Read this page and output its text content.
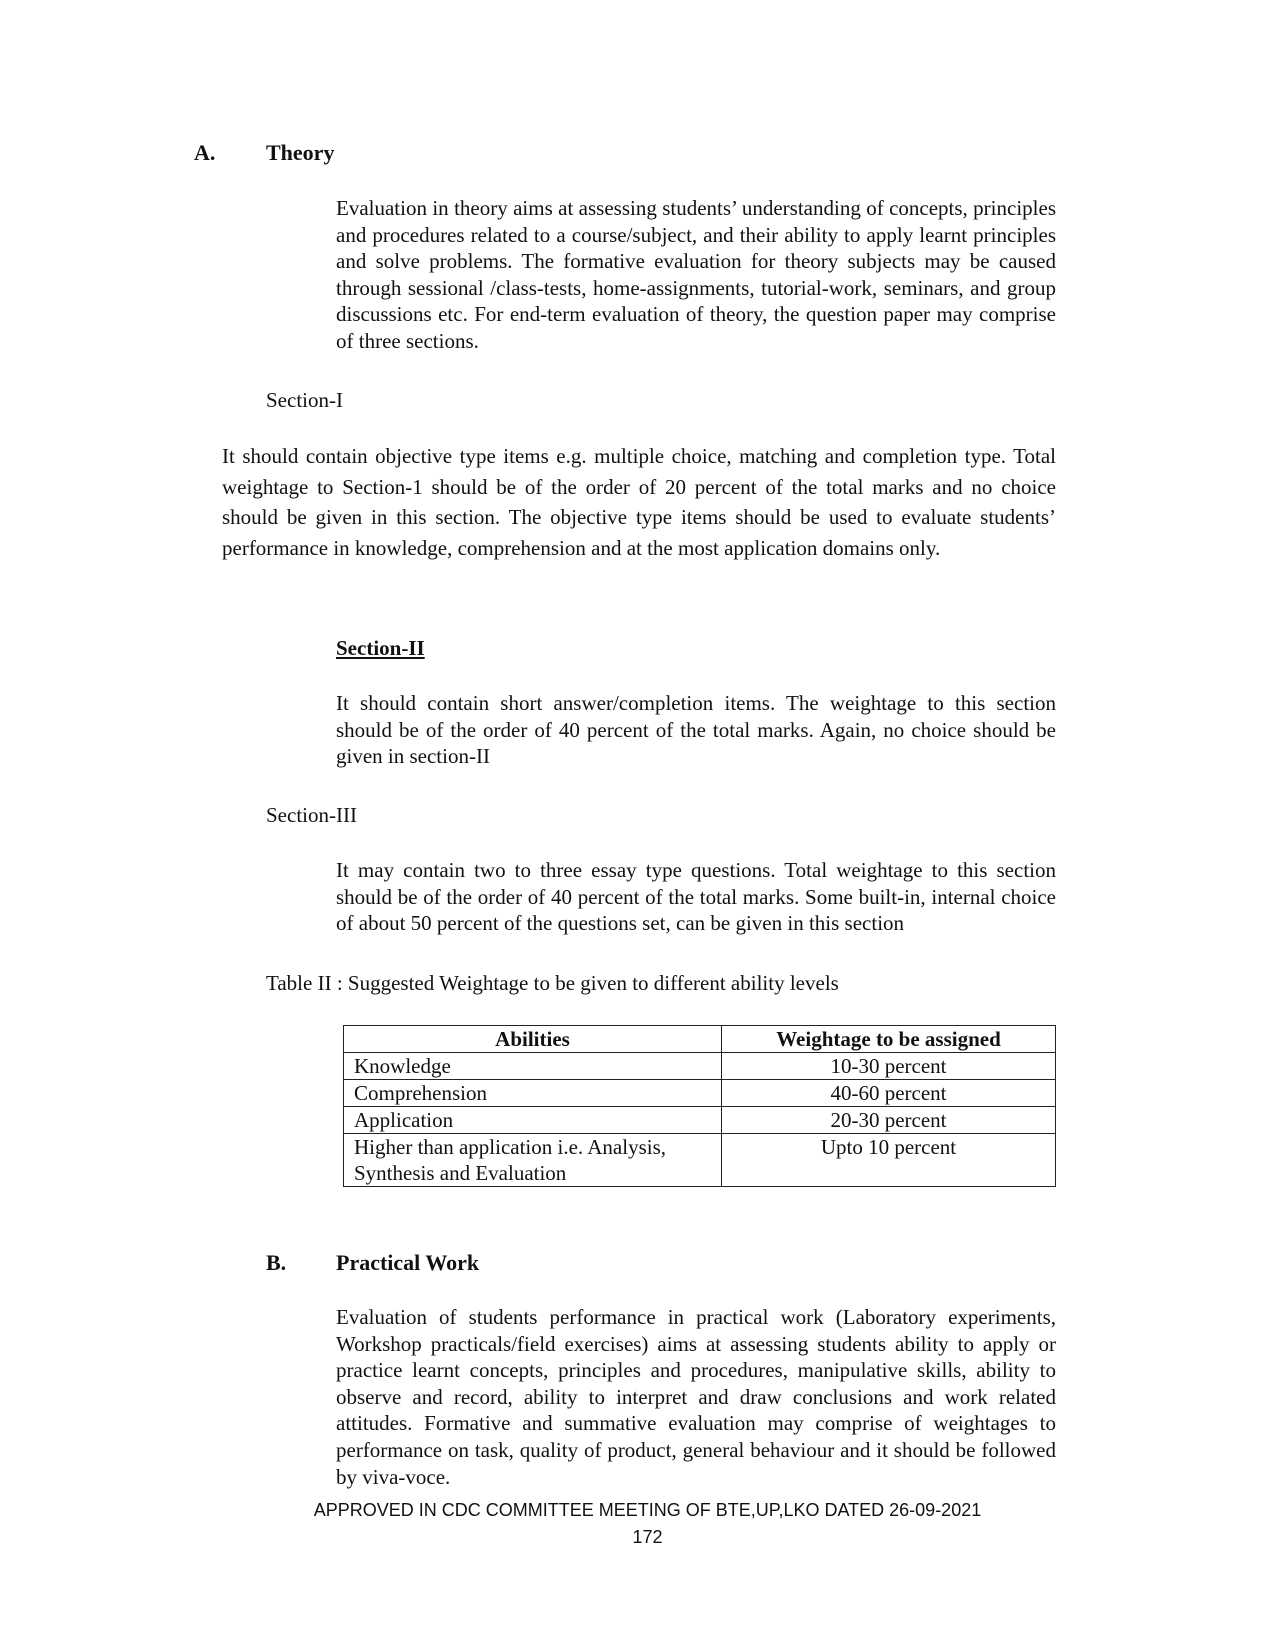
A. Theory
Evaluation in theory aims at assessing students’ understanding of concepts, principles and procedures related to a course/subject, and their ability to apply learnt principles and solve problems. The formative evaluation for theory subjects may be caused through sessional /class-tests, home-assignments, tutorial-work, seminars, and group discussions etc. For end-term evaluation of theory, the question paper may comprise of three sections.
Section-I
It should contain objective type items e.g. multiple choice, matching and completion type. Total weightage to Section-1 should be of the order of 20 percent of the total marks and no choice should be given in this section. The objective type items should be used to evaluate students’ performance in knowledge, comprehension and at the most application domains only.
Section-II
It should contain short answer/completion items. The weightage to this section should be of the order of 40 percent of the total marks. Again, no choice should be given in section-II
Section-III
It may contain two to three essay type questions. Total weightage to this section should be of the order of 40 percent of the total marks. Some built-in, internal choice of about 50 percent of the questions set, can be given in this section
Table II : Suggested Weightage to be given to different ability levels
Abilities	Weightage to be assigned
Knowledge	10-30 percent
Comprehension	40-60 percent
Application	20-30 percent
Higher than application i.e. Analysis, Synthesis and Evaluation	Upto 10 percent
B. Practical Work
Evaluation of students performance in practical work (Laboratory experiments, Workshop practicals/field exercises) aims at assessing students ability to apply or practice learnt concepts, principles and procedures, manipulative skills, ability to observe and record, ability to interpret and draw conclusions and work related attitudes. Formative and summative evaluation may comprise of weightages to performance on task, quality of product, general behaviour and it should be followed by viva-voce.
APPROVED IN CDC COMMITTEE MEETING OF BTE,UP,LKO DATED 26-09-2021
172
